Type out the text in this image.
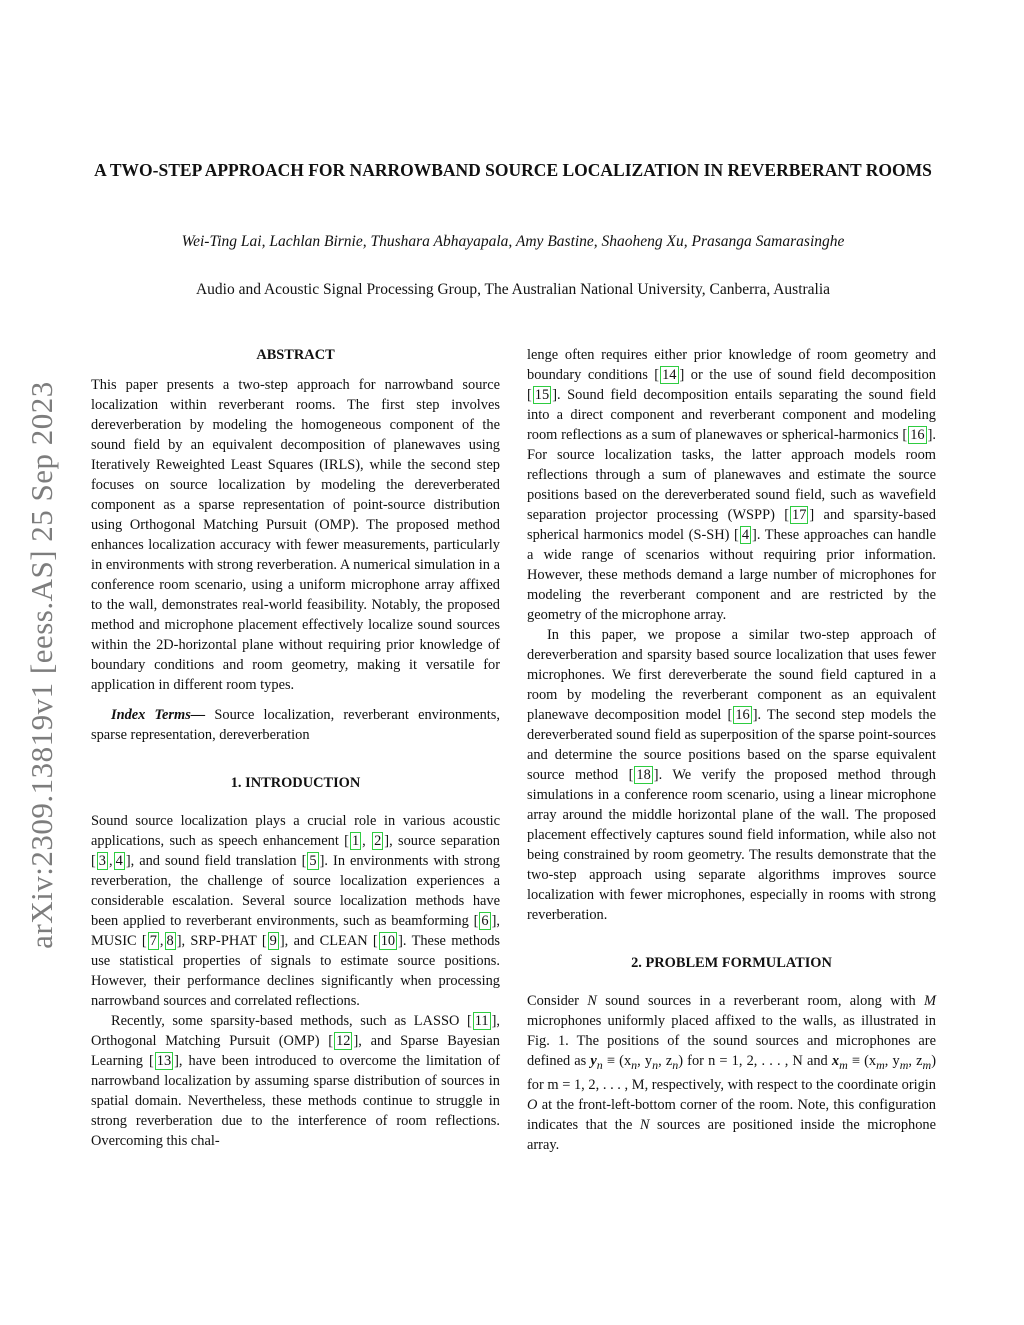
arXiv:2309.13819v1 [eess.AS] 25 Sep 2023
A TWO-STEP APPROACH FOR NARROWBAND SOURCE LOCALIZATION IN REVERBERANT ROOMS
Wei-Ting Lai, Lachlan Birnie, Thushara Abhayapala, Amy Bastine, Shaoheng Xu, Prasanga Samarasinghe
Audio and Acoustic Signal Processing Group, The Australian National University, Canberra, Australia
ABSTRACT

This paper presents a two-step approach for narrowband source localization within reverberant rooms. The first step involves dereverberation by modeling the homogeneous component of the sound field by an equivalent decomposition of planewaves using Iteratively Reweighted Least Squares (IRLS), while the second step focuses on source localization by modeling the dereverberated component as a sparse representation of point-source distribution using Orthogonal Matching Pursuit (OMP). The proposed method enhances localization accuracy with fewer measurements, particularly in environments with strong reverberation. A numerical simulation in a conference room scenario, using a uniform microphone array affixed to the wall, demonstrates real-world feasibility. Notably, the proposed method and microphone placement effectively localize sound sources within the 2D-horizontal plane without requiring prior knowledge of boundary conditions and room geometry, making it versatile for application in different room types.

Index Terms— Source localization, reverberant environments, sparse representation, dereverberation

1. INTRODUCTION

Sound source localization plays a crucial role in various acoustic applications, such as speech enhancement [ 1 , 2 ], source separation [ 3 , 4 ], and sound field translation [ 5 ]. In environments with strong reverberation, the challenge of source localization experiences a considerable escalation. Several source localization methods have been applied to reverberant environments, such as beamforming [ 6 ], MUSIC [ 7 , 8 ], SRP-PHAT [ 9 ], and CLEAN [ 10 ]. These methods use statistical properties of signals to estimate source positions. However, their performance declines significantly when processing narrowband sources and correlated reflections.

Recently, some sparsity-based methods, such as LASSO [ 11 ], Orthogonal Matching Pursuit (OMP) [ 12 ], and Sparse Bayesian Learning [ 13 ], have been introduced to overcome the limitation of narrowband localization by assuming sparse distribution of sources in spatial domain. Nevertheless, these methods continue to struggle in strong reverberation due to the interference of room reflections. Overcoming this chal-

lenge often requires either prior knowledge of room geometry and boundary conditions [ 14 ] or the use of sound field decomposition [ 15 ]. Sound field decomposition entails separating the sound field into a direct component and reverberant component and modeling room reflections as a sum of planewaves or spherical-harmonics [ 16 ]. For source localization tasks, the latter approach models room reflections through a sum of planewaves and estimate the source positions based on the dereverberated sound field, such as wavefield separation projector processing (WSPP) [ 17 ] and sparsity-based spherical harmonics model (S-SH) [ 4 ]. These approaches can handle a wide range of scenarios without requiring prior information. However, these methods demand a large number of microphones for modeling the reverberant component and are restricted by the geometry of the microphone array.

In this paper, we propose a similar two-step approach of dereverberation and sparsity based source localization that uses fewer microphones. We first dereverberate the sound field captured in a room by modeling the reverberant component as an equivalent planewave decomposition model [ 16 ]. The second step models the dereverberated sound field as superposition of the sparse point-sources and determine the source positions based on the sparse equivalent source method [ 18 ]. We verify the proposed method through simulations in a conference room scenario, using a linear microphone array around the middle horizontal plane of the wall. The proposed placement effectively captures sound field information, while also not being constrained by room geometry. The results demonstrate that the two-step approach using separate algorithms improves source localization with fewer microphones, especially in rooms with strong reverberation.

2. PROBLEM FORMULATION

Consider N sound sources in a reverberant room, along with M microphones uniformly placed affixed to the walls, as illustrated in Fig. 1. The positions of the sound sources and microphones are defined as $y_n \equiv (x_n$, $y_n$, $z_n$) for n = 1, 2, . . . , N and $x_m \equiv (x_m$, $y_m$, $z_m$) for m = 1, 2, . . . , M, respectively, with respect to the coordinate origin O at the front-left-bottom corner of the room. Note, this configuration indicates that the N sources are positioned inside the microphone array.
